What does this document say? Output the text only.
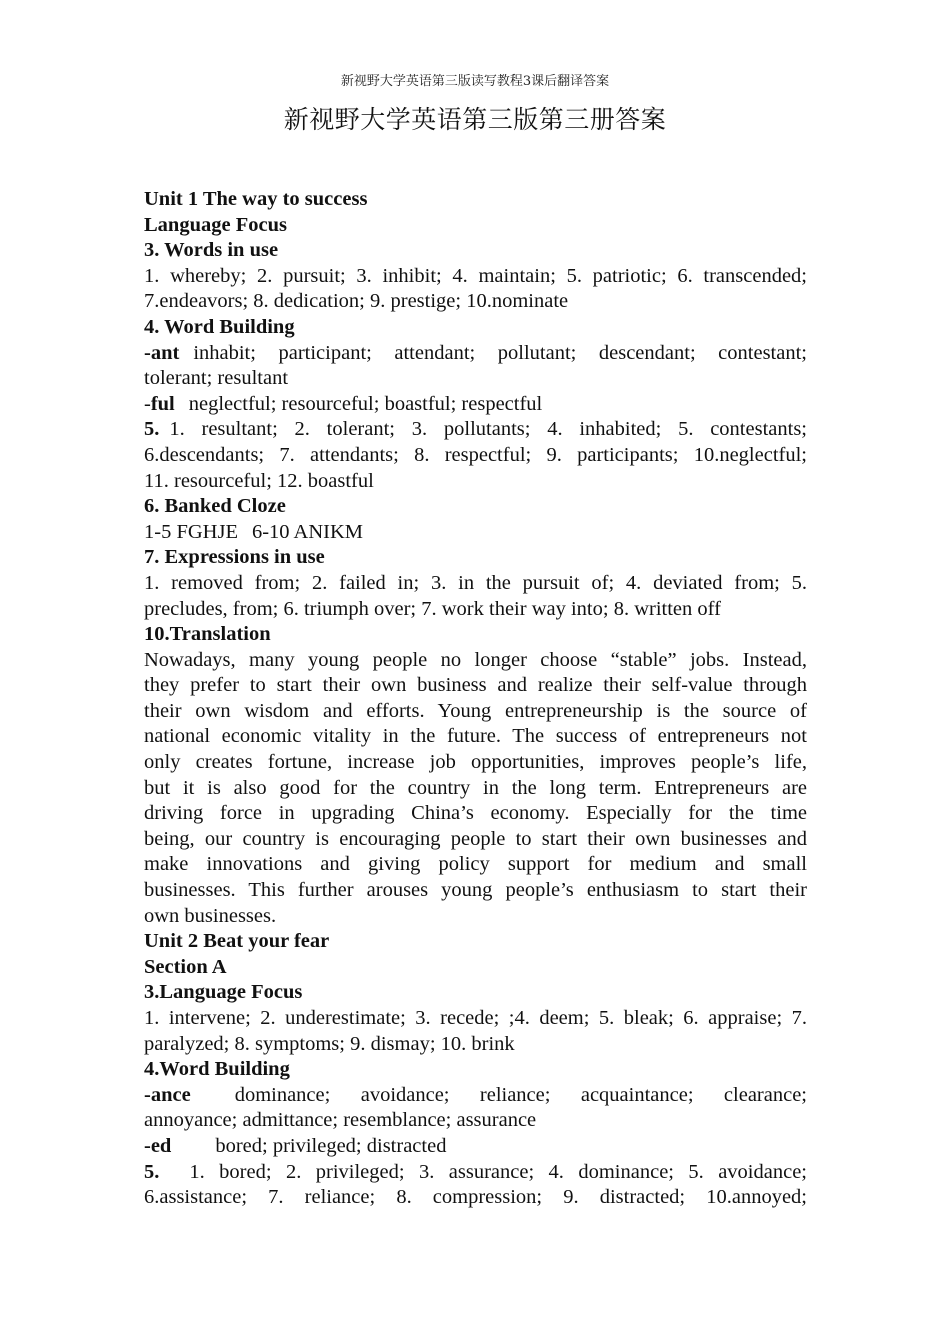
新视野大学英语第三版读写教程3课后翻译答案
新视野大学英语第三版第三册答案

Unit 1 The way to success

Language Focus

3. Words in use

1. whereby; 2. pursuit; 3. inhibit; 4. maintain; 5. patriotic; 6. transcended;

7.endeavors; 8. dedication; 9. prestige; 10.nominate

4. Word Building

-ant inhabit; participant; attendant; pollutant; descendant; contestant;

tolerant; resultant

-ful neglectful; resourceful; boastful; respectful

5. 1. resultant; 2. tolerant; 3. pollutants; 4. inhabited; 5. contestants;

6.descendants; 7. attendants; 8. respectful; 9. participants; 10.neglectful;

11. resourceful; 12. boastful

6. Banked Cloze

1-5 FGHJE 6-10 ANIKM

7. Expressions in use

1. removed from; 2. failed in; 3. in the pursuit of; 4. deviated from; 5.

precludes, from; 6. triumph over; 7. work their way into; 8. written off

10.Translation

Nowadays, many young people no longer choose “stable” jobs. Instead,

they prefer to start their own business and realize their self-value through

their own wisdom and efforts. Young entrepreneurship is the source of

national economic vitality in the future. The success of entrepreneurs not

only creates fortune, increase job opportunities, improves people’s life,

but it is also good for the country in the long term. Entrepreneurs are

driving force in upgrading China’s economy. Especially for the time

being, our country is encouraging people to start their own businesses and

make innovations and giving policy support for medium and small

businesses. This further arouses young people’s enthusiasm to start their

own businesses.

Unit 2 Beat your fear

Section A

3.Language Focus

1. intervene; 2. underestimate; 3. recede; ;4. deem; 5. bleak; 6. appraise; 7.

paralyzed; 8. symptoms; 9. dismay; 10. brink

4.Word Building

-ance dominance; avoidance; reliance; acquaintance; clearance;

annoyance; admittance; resemblance; assurance

-ed bored; privileged; distracted

5. 1. bored; 2. privileged; 3. assurance; 4. dominance; 5. avoidance;

6.assistance; 7. reliance; 8. compression; 9. distracted; 10.annoyed;
